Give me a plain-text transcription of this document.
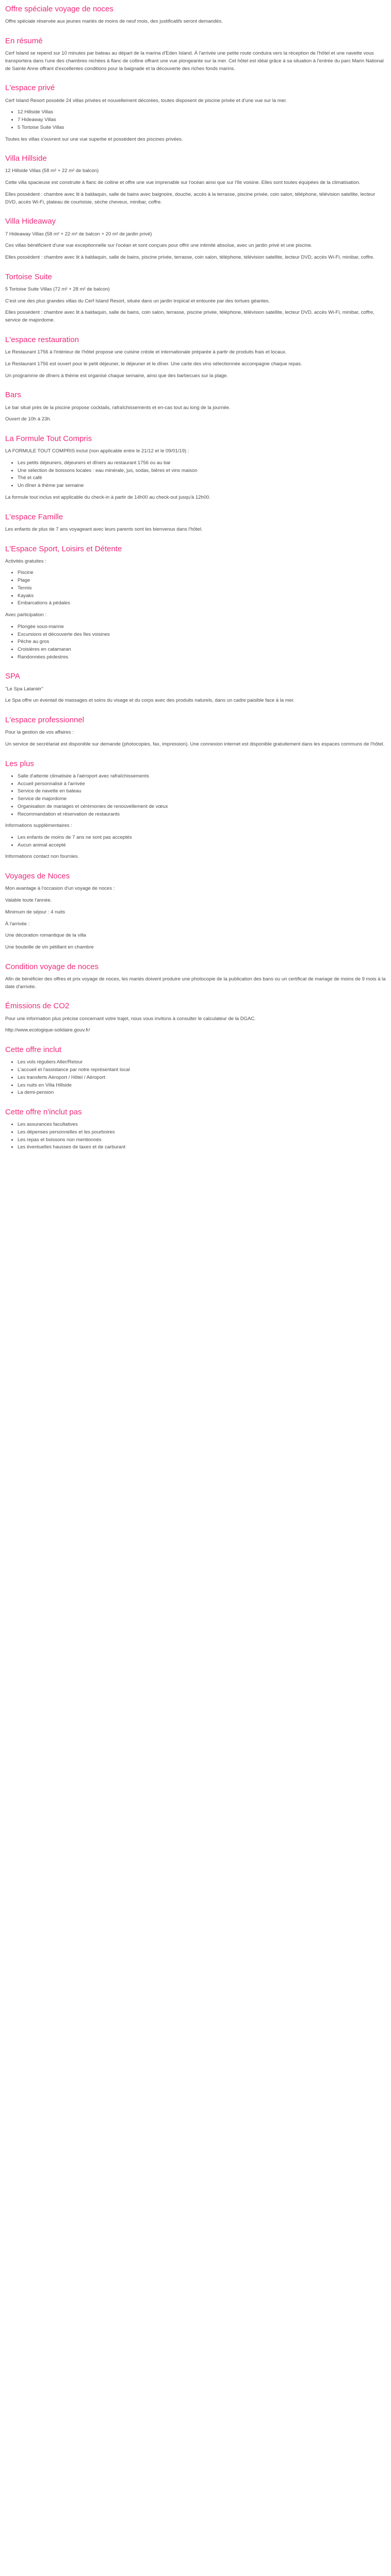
Offre spéciale voyage de noces

Offre spéciale réservée aux jeunes mariés de moins de neuf mois, des justificatifs seront demandés.

En résumé

Cerf Island se repend sur 10 minutes par bateau au départ de la marina d'Eden Island. À l'arrivée une petite route conduira vers la réception de l'hôtel et une navette vous transportera dans l'une des chambres nichées à flanc de colline offrant une vue plongeante sur la mer. Cet hôtel est idéal grâce à sa situation à l'entrée du parc Marin National de Sainte Anne offrant d'excellentes conditions pour la baignade et la découverte des riches fonds marins.

L'espace privé

Cerf Island Resort possède 24 villas privées et nouvellement décorées, toutes disposent de piscine privée et d'une vue sur la mer.

• 12 Hillside Villas
• 7 Hideaway Villas
• 5 Tortoise Suite Villas

Toutes les villas s'ouvrent sur une vue superbe et possèdent des piscines privées.

Villa Hillside

12 Hillside Villas (58 m² + 22 m² de balcon)

Cette villa spacieuse est construite à flanc de colline et offre une vue imprenable sur l'océan ainsi que sur l'île voisine. Elles sont toutes équipées de la climatisation.

Elles possèdent : chambre avec lit à baldaquin, salle de bains avec baignoire, douche, accès à la terrasse, piscine privée, coin salon, téléphone, télévision satellite, lecteur DVD, accès Wi-Fi, plateau de courtoisie, sèche cheveux, minibar, coffre.

Villa Hideaway

7 Hideaway Villas (58 m² + 22 m² de balcon + 20 m² de jardin privé)

Ces villas bénéficient d'une vue exceptionnelle sur l'océan et sont conçues pour offrir une intimité absolue, avec un jardin privé et une piscine.

Elles possèdent : chambre avec lit à baldaquin, salle de bains, piscine privée, terrasse, coin salon, téléphone, télévision satellite, lecteur DVD, accès Wi-Fi, minibar, coffre.

Tortoise Suite

5 Tortoise Suite Villas (72 m² + 28 m² de balcon)

C'est une des plus grandes villas du Cerf Island Resort, située dans un jardin tropical et entourée par des tortues géantes.

Elles possèdent : chambre avec lit à baldaquin, salle de bains, coin salon, terrasse, piscine privée, téléphone, télévision satellite, lecteur DVD, accès Wi-Fi, minibar, coffre, service de majordome.

L'espace restauration

Le Restaurant 1756 à l'intérieur de l'hôtel propose une cuisine créole et internationale préparée à partir de produits frais et locaux.

Le Restaurant 1756 est ouvert pour le petit déjeuner, le déjeuner et le dîner. Une carte des vins sélectionnée accompagne chaque repas.

Un programme de dîners à thème est organisé chaque semaine, ainsi que des barbecues sur la plage.

Bars

Le bar situé près de la piscine propose cocktails, rafraîchissements et en-cas tout au long de la journée.

Ouvert de 10h à 23h.

La Formule Tout Compris

LA FORMULE TOUT COMPRIS inclut (non applicable entre le 21/12 et le 09/01/19) :

• Les petits déjeuners, déjeuners et dîners au restaurant 1756 ou au bar
• Une sélection de boissons locales : eau minérale, jus, sodas, bières et vins maison
• Thé et café
• Un dîner à thème par semaine

La formule tout inclus est applicable du check-in à partir de 14h00 au check-out jusqu'à 12h00.

L'espace Famille

Les enfants de plus de 7 ans voyageant avec leurs parents sont les bienvenus dans l'hôtel.

L'Espace Sport, Loisirs et Détente

Activités gratuites :

• Piscine
• Plage
• Tennis
• Kayaks
• Embarcations à pédales

Avec participation :

• Plongée sous-marine
• Excursions et découverte des îles voisines
• Pêche au gros
• Croisières en catamaran
• Randonnées pédestres
SPA

"Le Spa Lataniér"

Le Spa offre un éventail de massages et soins du visage et du corps avec des produits naturels, dans un cadre paisible face à la mer.

L'espace professionnel

Pour la gestion de vos affaires :

Un service de secrétariat est disponible sur demande (photocopies, fax, impression). Une connexion internet est disponible gratuitement dans les espaces communs de l'hôtel.

Les plus
• Salle d'attente climatisée à l'aéroport avec rafraîchissements
• Accueil personnalisé à l'arrivée
• Service de navette en bateau
• Service de majordome
• Organisation de mariages et cérémonies de renouvellement de vœux
• Recommandation et réservation de restaurants

Informations supplémentaires :

• Les enfants de moins de 7 ans ne sont pas acceptés
• Aucun animal accepté

Informations contact non fournies.

Voyages de Noces

Mon avantage à l'occasion d'un voyage de noces :

Valable toute l'année.

Minimum de séjour : 4 nuits

À l'arrivée :

Une décoration romantique de la villa

Une bouteille de vin pétillant en chambre

Condition voyage de noces

Afin de bénéficier des offres et prix voyage de noces, les mariés doivent produire une photocopie de la publication des bans ou un certificat de mariage de moins de 9 mois à la date d'arrivée.

Émissions de CO2

Pour une information plus précise concernant votre trajet, nous vous invitons à consulter le calculateur de la DGAC.

http://www.ecologique-solidaire.gouv.fr/

Cette offre inclut
• Les vols réguliers Aller/Retour
• L'accueil et l'assistance par notre représentant local
• Les transferts Aéroport / Hôtel / Aéroport
• Les nuits en Villa Hillside
• La demi-pension
Cette offre n'inclut pas
• Les assurances facultatives
• Les dépenses personnelles et les pourboires
• Les repas et boissons non mentionnés
• Les éventuelles hausses de taxes et de carburant
